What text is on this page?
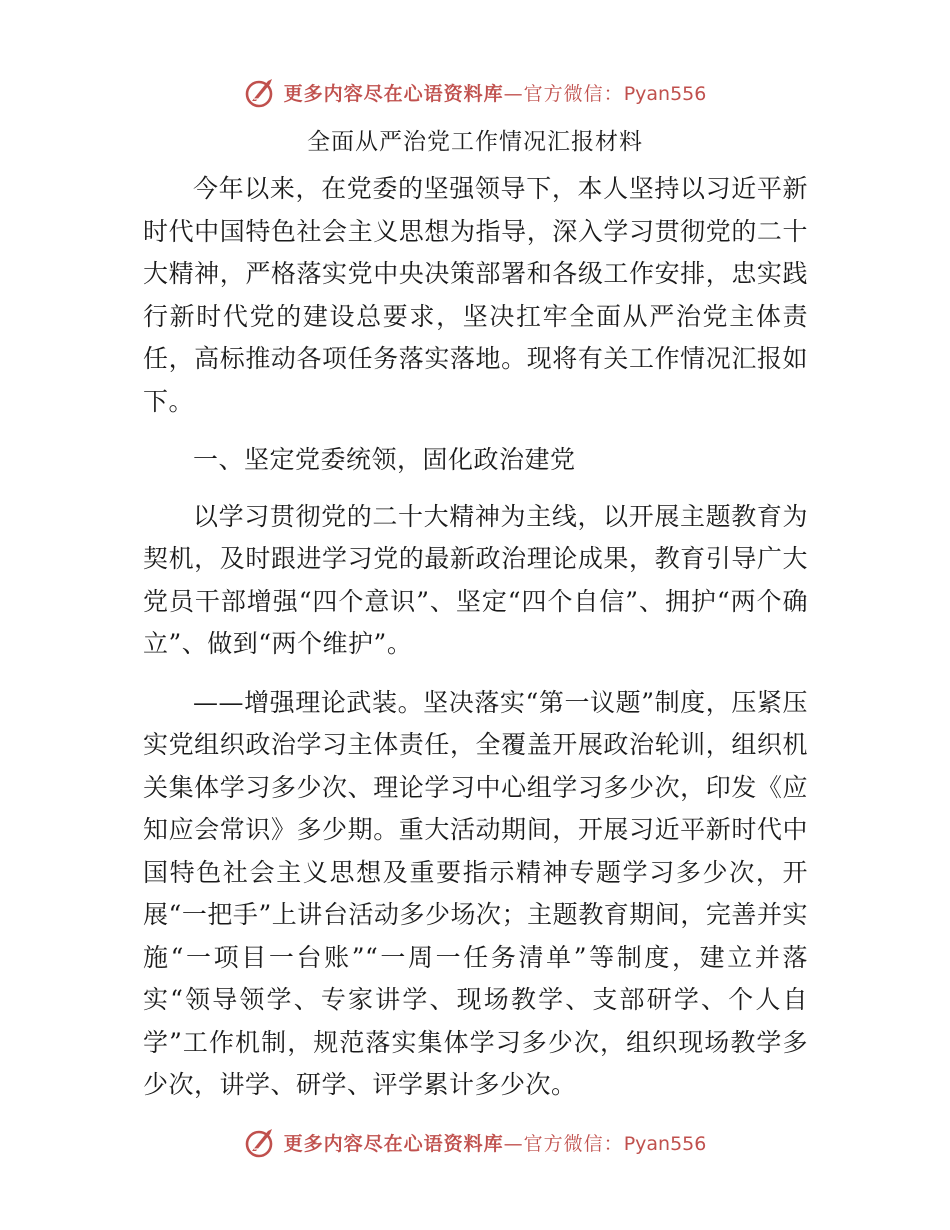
更多内容尽在心语资料库—官方微信：Pyan556
全面从严治党工作情况汇报材料

今年以来，在党委的坚强领导下，本人坚持以习近平新时代中国特色社会主义思想为指导，深入学习贯彻党的二十大精神，严格落实党中央决策部署和各级工作安排，忠实践行新时代党的建设总要求，坚决扛牢全面从严治党主体责任，高标推动各项任务落实落地。现将有关工作情况汇报如下。

一、坚定党委统领，固化政治建党

以学习贯彻党的二十大精神为主线，以开展主题教育为契机，及时跟进学习党的最新政治理论成果，教育引导广大党员干部增强“四个意识”、坚定“四个自信”、拥护“两个确立”、做到“两个维护”。

——增强理论武装。坚决落实“第一议题”制度，压紧压实党组织政治学习主体责任，全覆盖开展政治轮训，组织机关集体学习多少次、理论学习中心组学习多少次，印发《应知应会常识》多少期。重大活动期间，开展习近平新时代中国特色社会主义思想及重要指示精神专题学习多少次，开展“一把手”上讲台活动多少场次；主题教育期间，完善并实施“一项目一台账”“一周一任务清单”等制度，建立并落实“领导领学、专家讲学、现场教学、支部研学、个人自学”工作机制，规范落实集体学习多少次，组织现场教学多少次，讲学、研学、评学累计多少次。

更多内容尽在心语资料库—官方微信：Pyan556
